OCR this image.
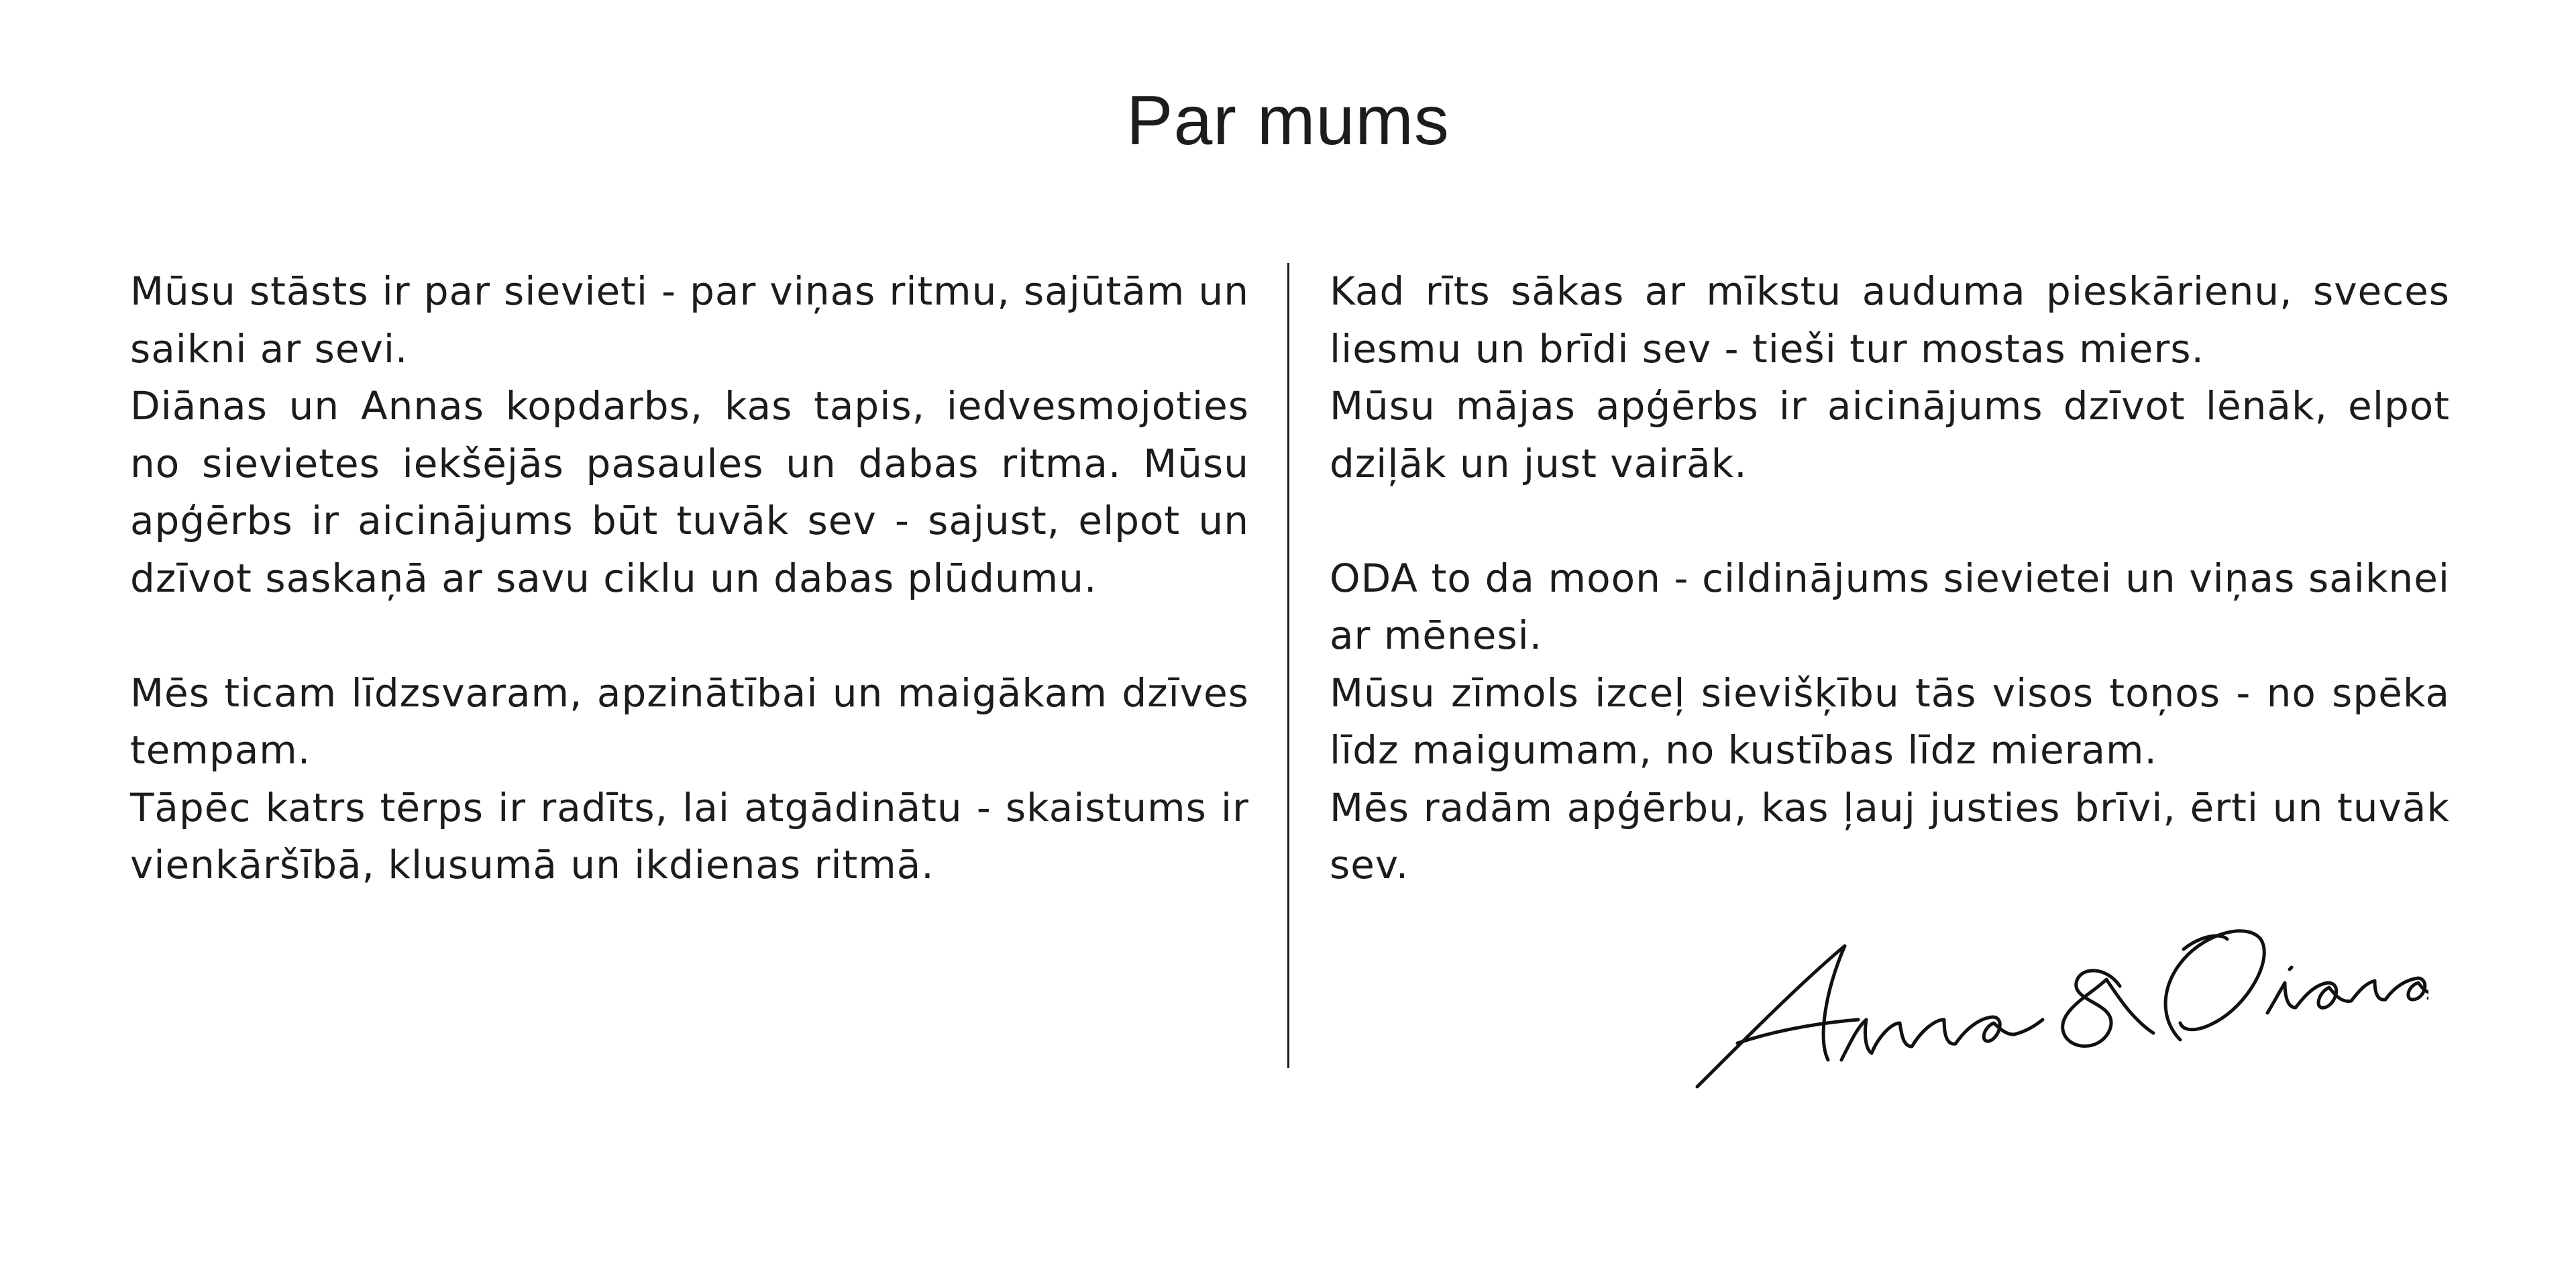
Par mums

Mūsu stāsts ir par sievieti - par viņas ritmu, sajūtām un saikni ar sevi.

Diānas un Annas kopdarbs, kas tapis, iedvesmojoties no sievietes iekšējās pasaules un dabas ritma. Mūsu apģērbs ir aicinājums būt tuvāk sev - sajust, elpot un dzīvot saskaņā ar savu ciklu un dabas plūdumu.

Mēs ticam līdzsvaram, apzinātībai un maigākam dzīves tempam.

Tāpēc katrs tērps ir radīts, lai atgādinātu - skaistums ir vienkāršībā, klusumā un ikdienas ritmā.

Kad rīts sākas ar mīkstu auduma pieskārienu, sveces liesmu un brīdi sev - tieši tur mostas miers.

Mūsu mājas apģērbs ir aicinājums dzīvot lēnāk, elpot dziļāk un just vairāk.

ODA to da moon - cildinājums sievietei un viņas saiknei ar mēnesi.

Mūsu zīmols izceļ sievišķību tās visos toņos - no spēka līdz maigumam, no kustības līdz mieram.

Mēs radām apģērbu, kas ļauj justies brīvi, ērti un tuvāk sev.
